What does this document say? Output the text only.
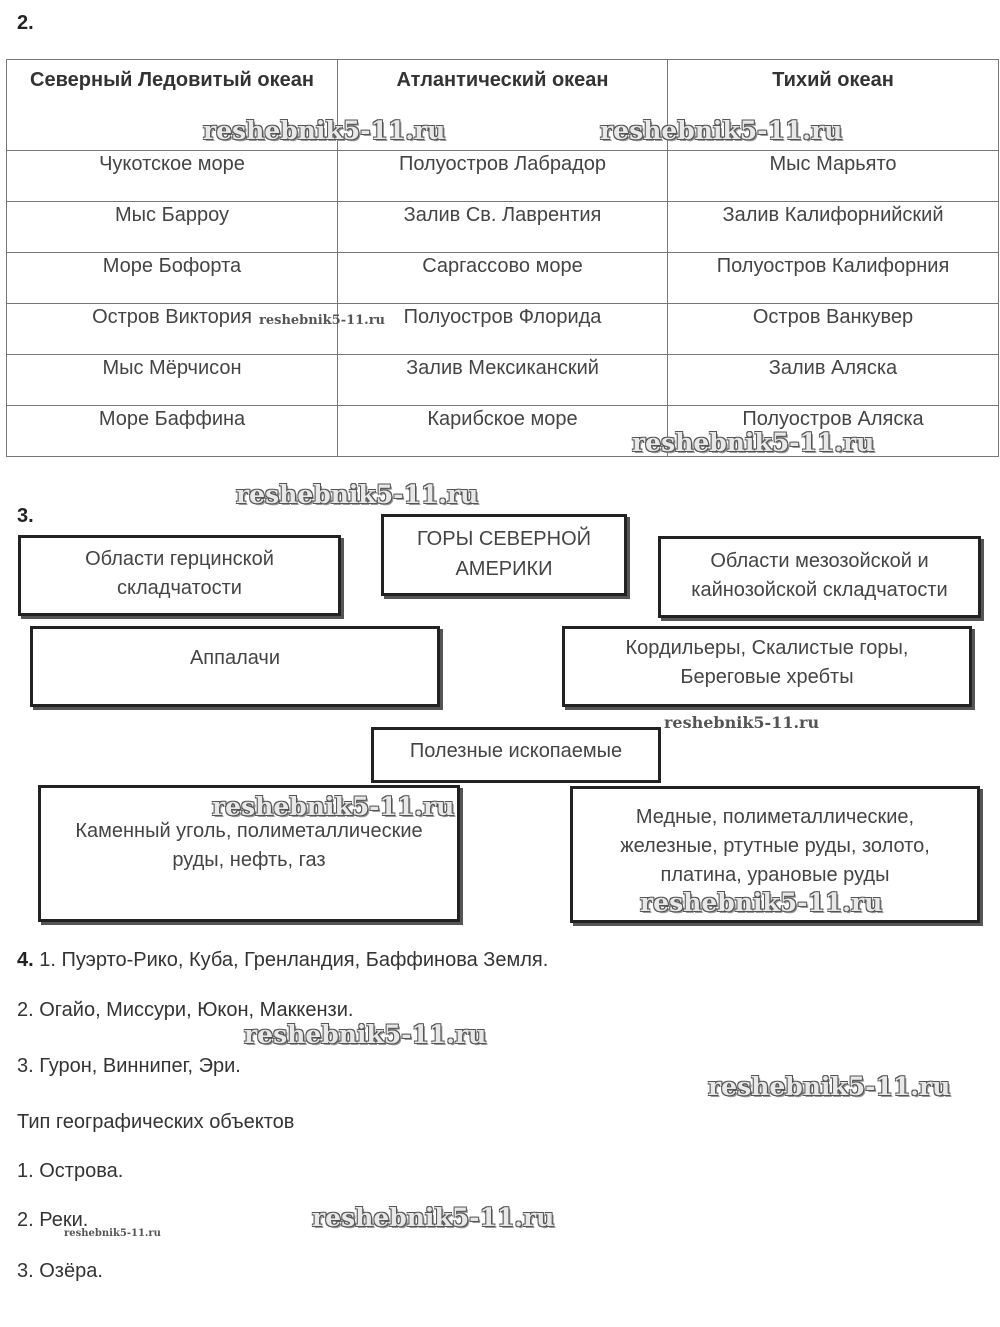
2.
Северный Ледовитый океан	Атлантический океан	Тихий океан
Чукотское море	Полуостров Лабрадор	Мыс Марьято
Мыс Барроу	Залив Св. Лаврентия	Залив Калифорнийский
Море Бофорта	Саргассово море	Полуостров Калифорния
Остров Виктория	Полуостров Флорида	Остров Ванкувер
Мыс Мёрчисон	Залив Мексиканский	Залив Аляска
Море Баффина	Карибское море	Полуостров Аляска
3.
ГОРЫ СЕВЕРНОЙ АМЕРИКИ
Области герцинской складчатости
Области мезозойской и кайнозойской складчатости
Аппалачи	Кордильеры, Скалистые горы, Береговые хребты
Полезные ископаемые
Каменный уголь, полиметаллические руды, нефть, газ
Медные, полиметаллические, железные, ртутные руды, золото, платина, урановые руды
4. 1. Пуэрто-Рико, Куба, Гренландия, Баффинова Земля.
2. Огайо, Миссури, Юкон, Маккензи.
3. Гурон, Виннипег, Эри.
Тип географических объектов
1. Острова.
2. Реки.
3. Озёра.
reshebnik5-11.ru	reshebnik5-11.ru
reshebnik5-11.ru
reshebnik5-11.ru
reshebnik5-11.ru
reshebnik5-11.ru
reshebnik5-11.ru
reshebnik5-11.ru
reshebnik5-11.ru
reshebnik5-11.ru
reshebnik5-11.ru
reshebnik5-11.ru
